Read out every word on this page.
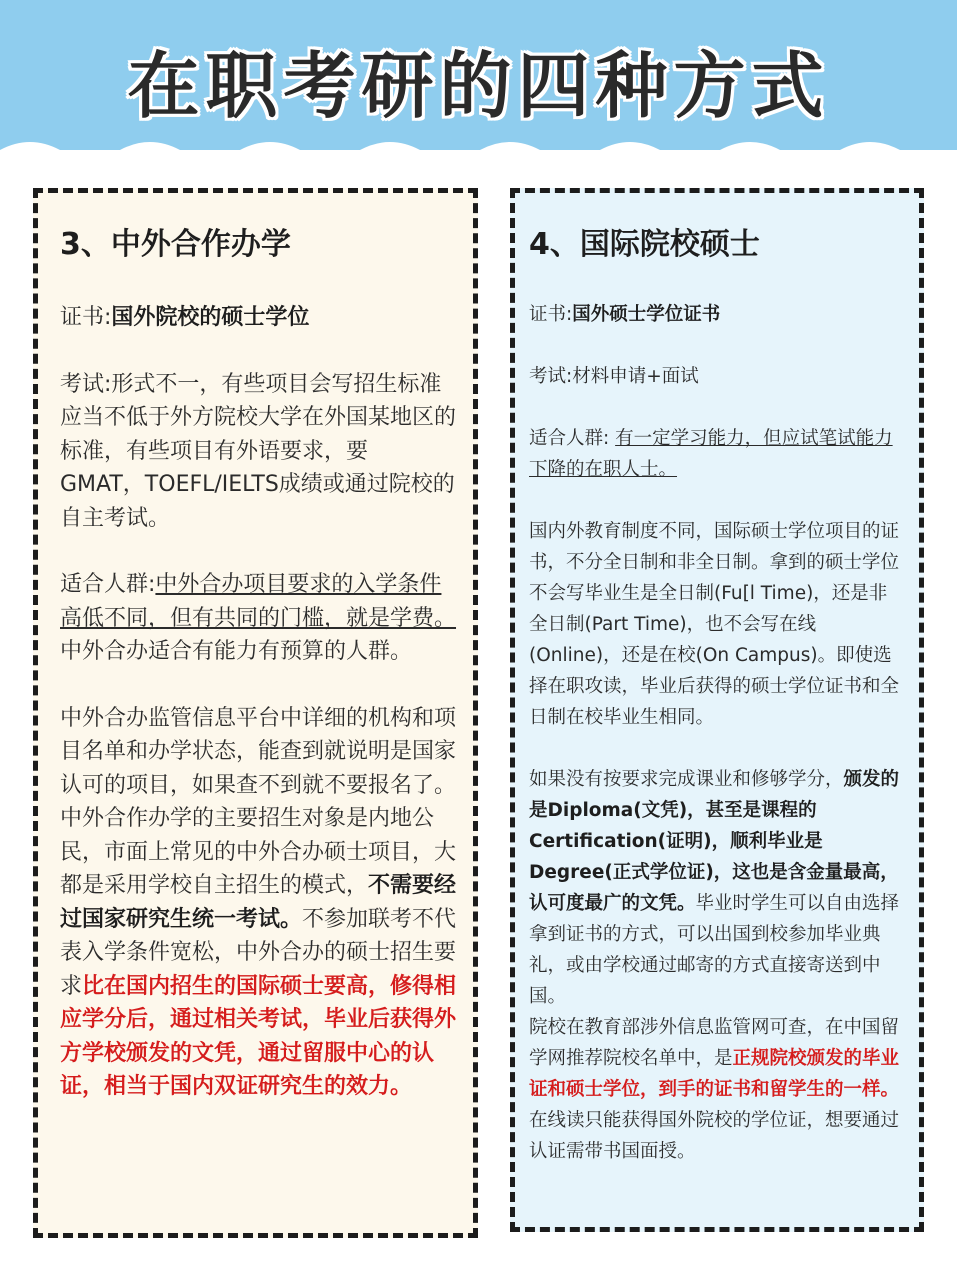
在职考研的四种方式
3、中外合作办学

证书:国外院校的硕士学位

考试:形式不一，有些项目会写招生标准应当不低于外方院校大学在外国某地区的标准，有些项目有外语要求，要 GMAT，TOEFL/IELTS成绩或通过院校的自主考试。

适合人群:中外合办项目要求的入学条件高低不同，但有共同的门槛，就是学费。中外合办适合有能力有预算的人群。

中外合办监管信息平台中详细的机构和项目名单和办学状态，能查到就说明是国家认可的项目，如果查不到就不要报名了。中外合作办学的主要招生对象是内地公民，市面上常见的中外合办硕士项目，大都是采用学校自主招生的模式，不需要经过国家研究生统一考试。不参加联考不代表入学条件宽松，中外合办的硕士招生要求比在国内招生的国际硕士要高，修得相应学分后，通过相关考试，毕业后获得外方学校颁发的文凭，通过留服中心的认证，相当于国内双证研究生的效力。

4、国际院校硕士

证书:国外硕士学位证书

考试:材料申请+面试

适合人群: 有一定学习能力，但应试笔试能力下降的在职人士。

国内外教育制度不同，国际硕士学位项目的证书，不分全日制和非全日制。拿到的硕士学位不会写毕业生是全日制(Fu[l Time)，还是非全日制(Part Time)，也不会写在线(Online)，还是在校(On Campus)。即使选择在职攻读，毕业后获得的硕士学位证书和全日制在校毕业生相同。

如果没有按要求完成课业和修够学分，颁发的是Diploma(文凭)，甚至是课程的Certification(证明)，顺利毕业是Degree(正式学位证)，这也是含金量最高，认可度最广的文凭。毕业时学生可以自由选择拿到证书的方式，可以出国到校参加毕业典礼，或由学校通过邮寄的方式直接寄送到中国。

院校在教育部涉外信息监管网可查，在中国留学网推荐院校名单中，是正规院校颁发的毕业证和硕士学位，到手的证书和留学生的一样。在线读只能获得国外院校的学位证，想要通过认证需带书国面授。
